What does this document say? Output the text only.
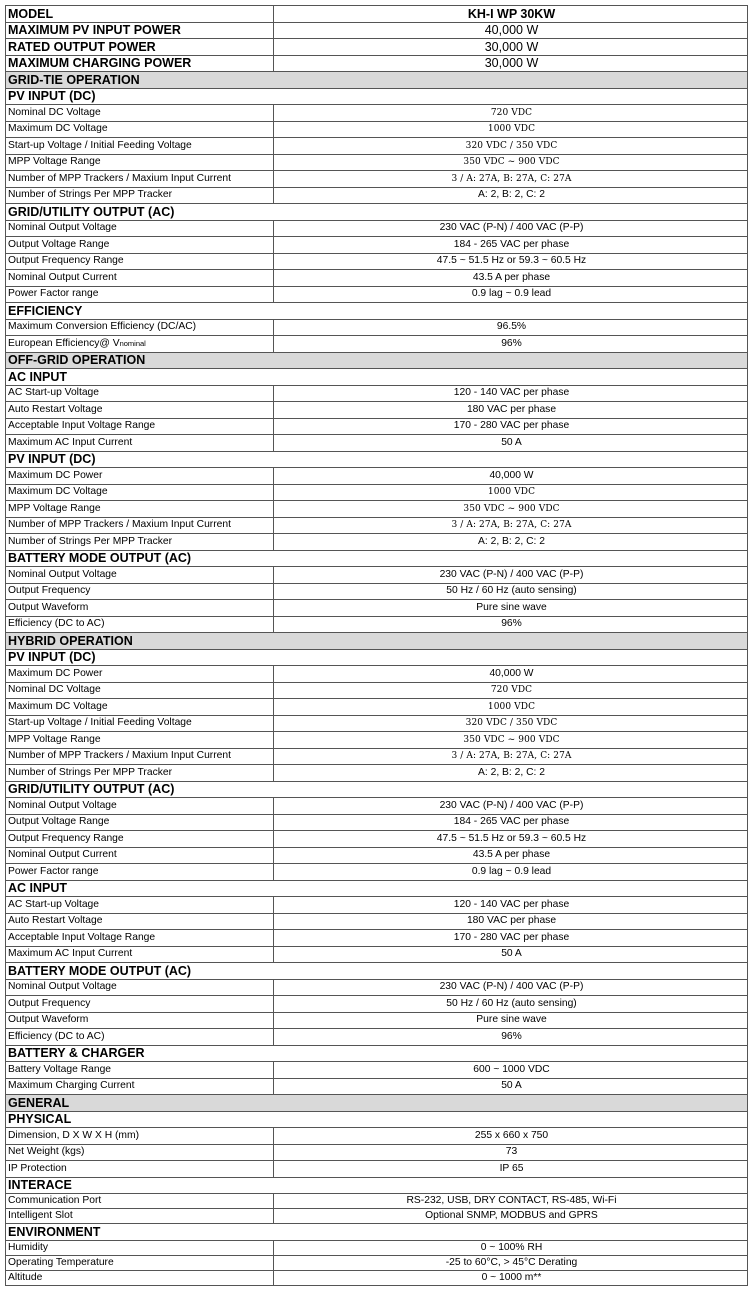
MODEL	KH-I WP 30KW
MAXIMUM PV INPUT POWER	40,000 W
RATED OUTPUT POWER	30,000 W
MAXIMUM CHARGING POWER	30,000 W
GRID-TIE OPERATION	
PV INPUT (DC)	
Nominal DC Voltage	720 VDC
Maximum DC Voltage	1000 VDC
Start-up Voltage / Initial Feeding Voltage	320 VDC / 350 VDC
MPP Voltage Range	350 VDC ~ 900 VDC
Number of MPP Trackers / Maxium Input Current	3 / A: 27A, B: 27A, C: 27A
Number of Strings Per MPP Tracker	A: 2, B: 2, C: 2
GRID/UTILITY OUTPUT (AC)	
Nominal Output Voltage	230 VAC (P-N) / 400 VAC (P-P)
Output Voltage Range	184 - 265 VAC per phase
Output Frequency Range	47.5 ~ 51.5 Hz or 59.3 ~ 60.5 Hz
Nominal Output Current	43.5 A per phase
Power Factor range	0.9 lag ~ 0.9 lead
EFFICIENCY	
Maximum Conversion Efficiency (DC/AC)	96.5%
European Efficiency@ Vnominal	96%
OFF-GRID OPERATION	
AC INPUT	
AC Start-up Voltage	120 - 140 VAC per phase
Auto Restart Voltage	180 VAC per phase
Acceptable Input Voltage Range	170 - 280 VAC per phase
Maximum AC Input Current	50 A
PV INPUT (DC)	
Maximum DC Power	40,000 W
Maximum DC Voltage	1000 VDC
MPP Voltage Range	350 VDC ~ 900 VDC
Number of MPP Trackers / Maxium Input Current	3 / A: 27A, B: 27A, C: 27A
Number of Strings Per MPP Tracker	A: 2, B: 2, C: 2
BATTERY MODE OUTPUT (AC)	
Nominal Output Voltage	230 VAC (P-N) / 400 VAC (P-P)
Output Frequency	50 Hz / 60 Hz (auto sensing)
Output Waveform	Pure sine wave
Efficiency (DC to AC)	96%
HYBRID OPERATION	
PV INPUT (DC)	
Maximum DC Power	40,000 W
Nominal DC Voltage	720 VDC
Maximum DC Voltage	1000 VDC
Start-up Voltage / Initial Feeding Voltage	320 VDC / 350 VDC
MPP Voltage Range	350 VDC ~ 900 VDC
Number of MPP Trackers / Maxium Input Current	3 / A: 27A, B: 27A, C: 27A
Number of Strings Per MPP Tracker	A: 2, B: 2, C: 2
GRID/UTILITY OUTPUT (AC)	
Nominal Output Voltage	230 VAC (P-N) / 400 VAC (P-P)
Output Voltage Range	184 - 265 VAC per phase
Output Frequency Range	47.5 ~ 51.5 Hz or 59.3 ~ 60.5 Hz
Nominal Output Current	43.5 A per phase
Power Factor range	0.9 lag ~ 0.9 lead
AC INPUT	
AC Start-up Voltage	120 - 140 VAC per phase
Auto Restart Voltage	180 VAC per phase
Acceptable Input Voltage Range	170 - 280 VAC per phase
Maximum AC Input Current	50 A
BATTERY MODE OUTPUT (AC)	
Nominal Output Voltage	230 VAC (P-N) / 400 VAC (P-P)
Output Frequency	50 Hz / 60 Hz (auto sensing)
Output Waveform	Pure sine wave
Efficiency (DC to AC)	96%
BATTERY & CHARGER	
Battery Voltage Range	600 ~ 1000 VDC
Maximum Charging Current	50 A
GENERAL	
PHYSICAL	
Dimension, D X W X H (mm)	255 x 660 x 750
Net Weight (kgs)	73
IP Protection	IP 65
INTERACE	
Communication Port	RS-232, USB, DRY CONTACT, RS-485, Wi-Fi
Intelligent Slot	Optional SNMP, MODBUS and GPRS
ENVIRONMENT	
Humidity	0 ~ 100% RH
Operating Temperature	-25 to 60°C, > 45°C Derating
Altitude	0 ~ 1000 m**
